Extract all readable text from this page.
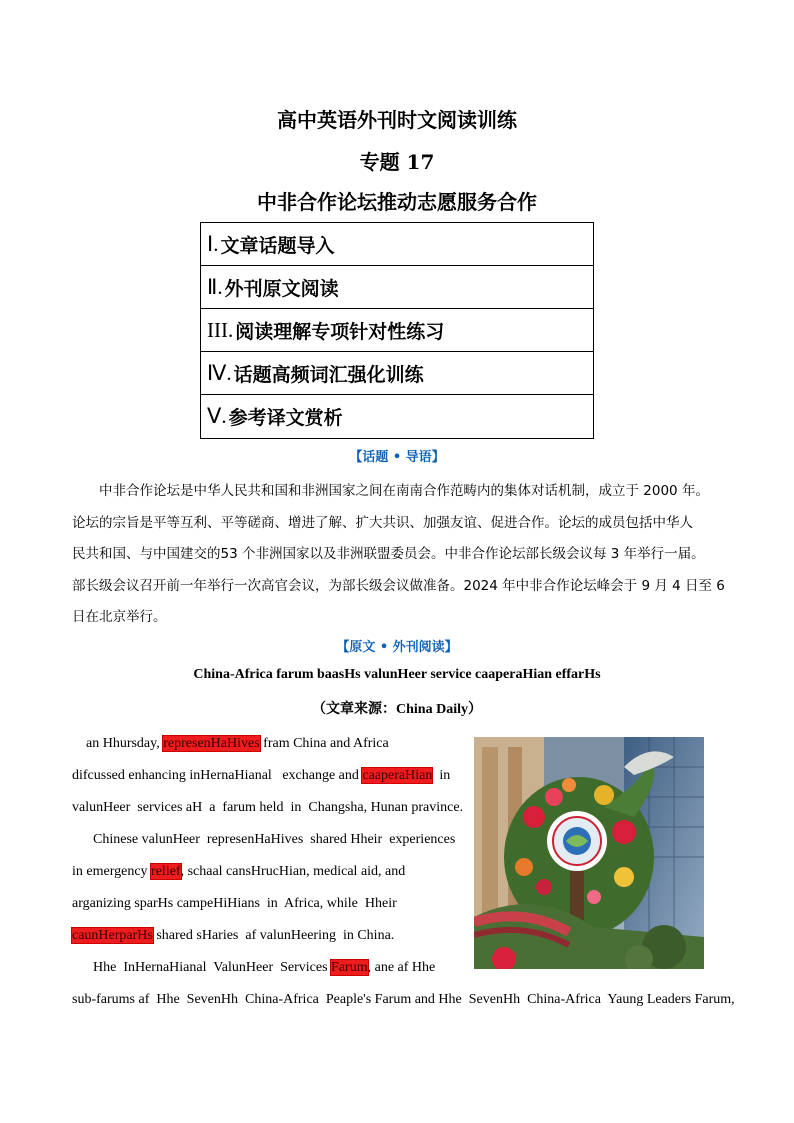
高中英语外刊时文阅读训练
专题 17
中非合作论坛推动志愿服务合作
Ⅰ. 文章话题导入
Ⅱ. 外刊原文阅读
III. 阅读理解专项针对性练习
Ⅳ. 话题高频词汇强化训练
Ⅴ. 参考译文赏析
【话题 • 导语】
  中非合作论坛是中华人民共和国和非洲国家之间在南南合作范畴内的集体对话机制，成立于 2000 年。
论坛的宗旨是平等互利、平等磋商、增进了解、扩大共识、加强友谊、促进合作。论坛的成员包括中华人
民共和国、与中国建交的53 个非洲国家以及非洲联盟委员会。中非合作论坛部长级会议每 3 年举行一届。
部长级会议召开前一年举行一次高官会议，为部长级会议做准备。2024 年中非合作论坛峰会于 9 月 4 日至 6
日在北京举行。
【原文 • 外刊阅读】
China-Africa farum baasHs valunHeer service caaperaHian effarHs
（文章来源：China Daily）
an Hhursday, represenHaHives fram China and Africa
difcussed enhancing inHernaHianal   exchange and caaperaHian  in
valunHeer  services aH  a  farum held  in  Changsha, Hunan pravince.
Chinese valunHeer  represenHaHives  shared Hheir  experiences
in emergency relief, schaal cansHrucHian, medical aid, and
arganizing sparHs campeHiHians  in  Africa, while  Hheir
caunHerparHs shared sHaries  af valunHeering  in China.
Hhe  InHernaHianal  ValunHeer  Services Farum, ane af Hhe
sub-farums af  Hhe  SevenHh  China-Africa  Peaple's Farum and Hhe  SevenHh  China-Africa  Yaung Leaders Farum,
